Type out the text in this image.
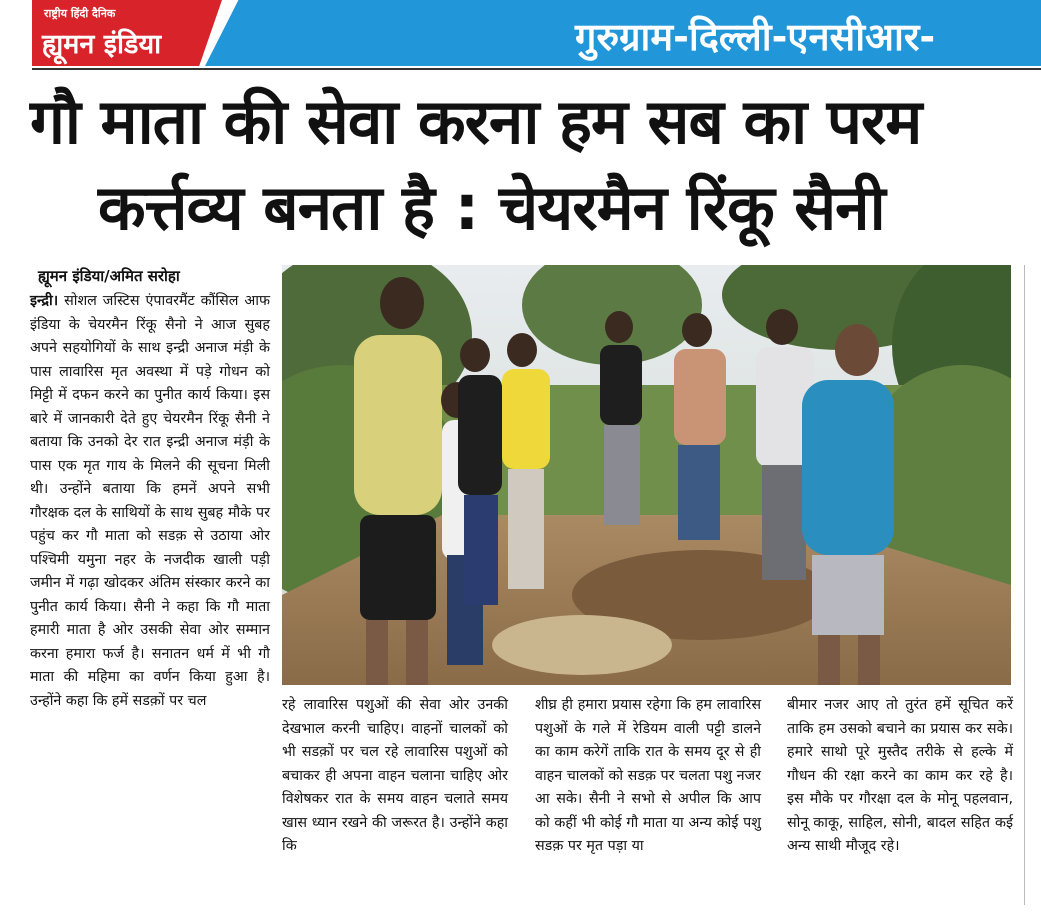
राष्ट्रीय हिंदी दैनिक
ह्यूमन इंडिया	गुरुग्राम-दिल्ली-एनसीआर-
गौ माता की सेवा करना हम सब का परम
कर्त्तव्य बनता है : चेयरमैन रिंकू सैनी
ह्यूमन इंडिया/अमित सरोहा

इन्द्री। सोशल जस्टिस एंपावरमैंट कौंसिल आफ इंडिया के चेयरमैन रिंकू सैनो ने आज सुबह अपने सहयोगियों के साथ इन्द्री अनाज मंड़ी के पास लावारिस मृत अवस्था में पड़े गोधन को मिट्टी में दफन करने का पुनीत कार्य किया। इस बारे में जानकारी देते हुए चेयरमैन रिंकू सैनी ने बताया कि उनको देर रात इन्द्री अनाज मंड़ी के पास एक मृत गाय के मिलने की सूचना मिली थी। उन्होंने बताया कि हमनें अपने सभी गौरक्षक दल के साथियों के साथ सुबह मौके पर पहुंच कर गौ माता को सडक़ से उठाया ओर पश्चिमी यमुना नहर के नजदीक खाली पड़ी जमीन में गढ़ा खोदकर अंतिम संस्कार करने का पुनीत कार्य किया। सैनी ने कहा कि गौ माता हमारी माता है ओर उसकी सेवा ओर सम्मान करना हमारा फर्ज है। सनातन धर्म में भी गौ माता की महिमा का वर्णन किया हुआ है। उन्होंने कहा कि हमें सडक़ों पर चल	रहे लावारिस पशुओं की सेवा ओर उनकी देखभाल करनी चाहिए। वाहनों चालकों को भी सडक़ों पर चल रहे लावारिस पशुओं को बचाकर ही अपना वाहन चलाना चाहिए ओर विशेषकर रात के समय वाहन चलाते समय खास ध्यान रखने की जरूरत है। उन्होंने कहा कि
शीघ्र ही हमारा प्रयास रहेगा कि हम लावारिस पशुओं के गले में रेडियम वाली पट्टी डालने का काम करेगें ताकि रात के समय दूर से ही वाहन चालकों को सडक़ पर चलता पशु नजर आ सके। सैनी ने सभो से अपील कि आप को कहीं भी कोई गौ माता या अन्य कोई पशु सडक़ पर मृत पड़ा या
बीमार नजर आए तो तुरंत हमें सूचित करें ताकि हम उसको बचाने का प्रयास कर सके। हमारे साथो पूरे मुस्तैद तरीके से हल्के में गौधन की रक्षा करने का काम कर रहे है। इस मौके पर गौरक्षा दल के मोनू पहलवान, सोनू काकू, साहिल, सोनी, बादल सहित कई अन्य साथी मौजूद रहे।
